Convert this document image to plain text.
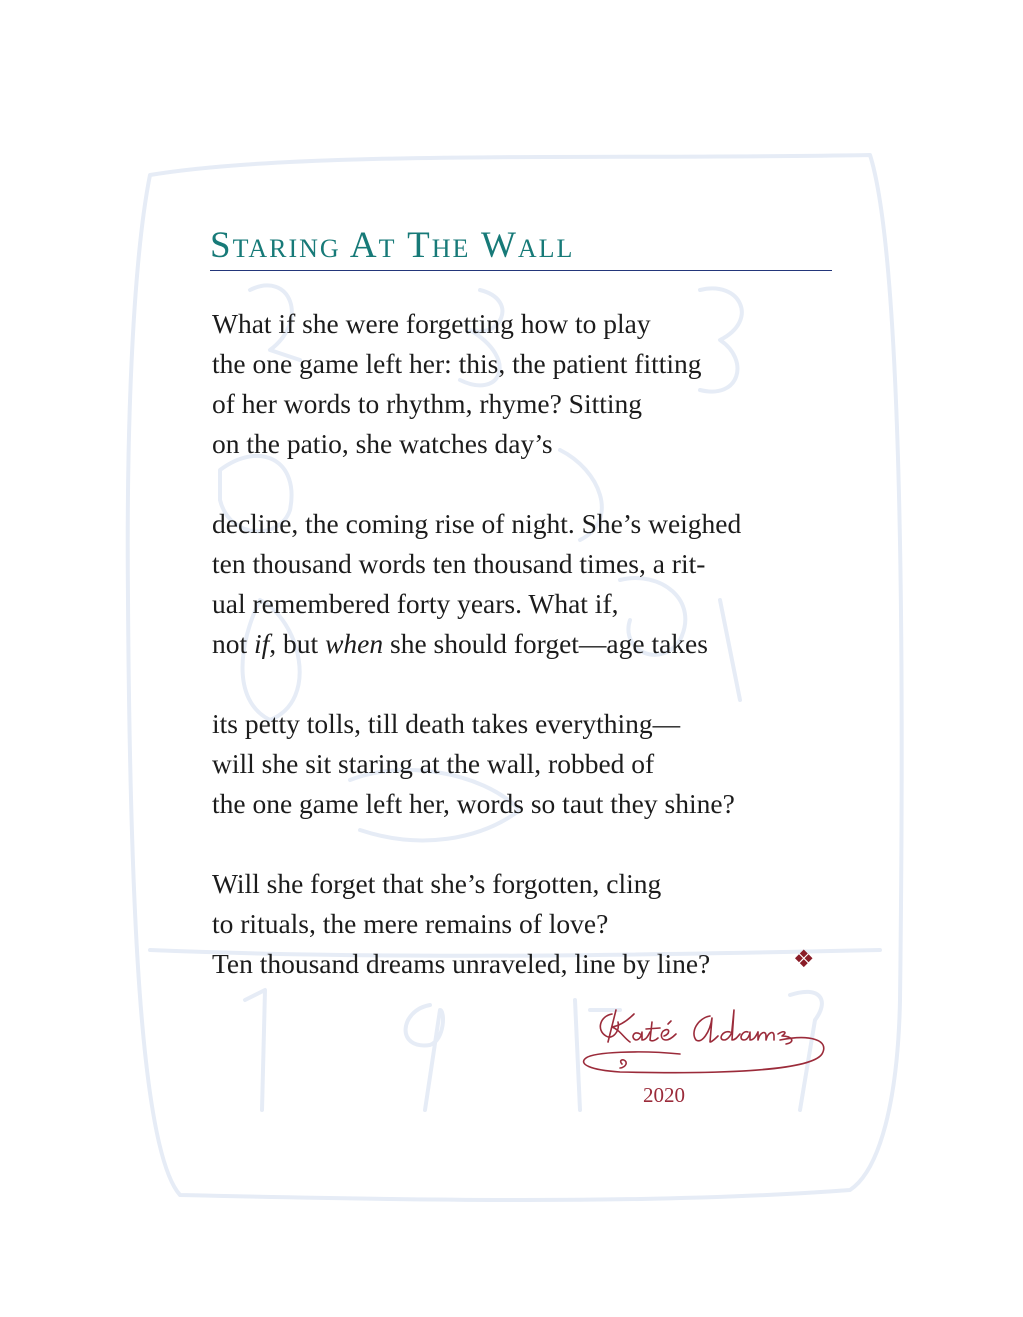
Staring At The Wall
What if she were forgetting how to play
the one game left her: this, the patient fitting
of her words to rhythm, rhyme? Sitting
on the patio, she watches day’s
decline, the coming rise of night. She’s weighed
ten thousand words ten thousand times, a rit-
ual remembered forty years. What if,
not if, but when she should forget—age takes
its petty tolls, till death takes everything—
will she sit staring at the wall, robbed of
the one game left her, words so taut they shine?
Will she forget that she’s forgotten, cling
to rituals, the mere remains of love?
Ten thousand dreams unraveled, line by line?	❖
2020
